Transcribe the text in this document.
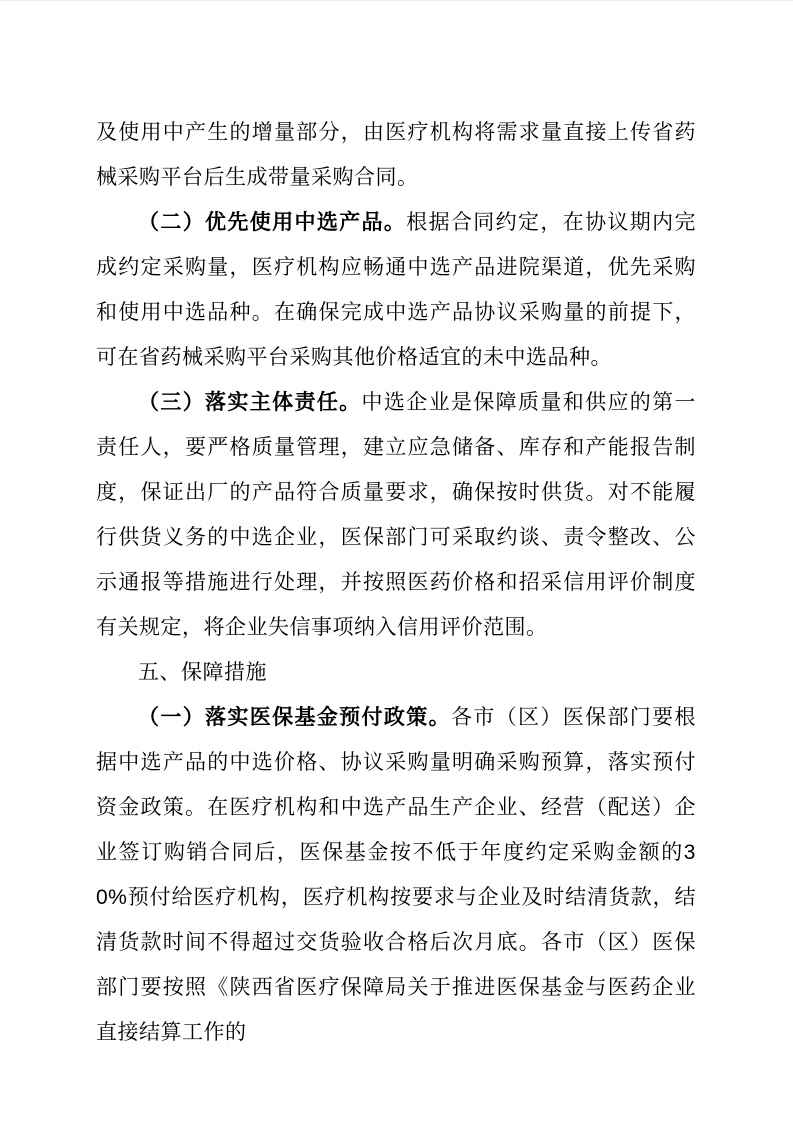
及使用中产生的增量部分，由医疗机构将需求量直接上传省药械采购平台后生成带量采购合同。

（二）优先使用中选产品。根据合同约定，在协议期内完成约定采购量，医疗机构应畅通中选产品进院渠道，优先采购和使用中选品种。在确保完成中选产品协议采购量的前提下，可在省药械采购平台采购其他价格适宜的未中选品种。

（三）落实主体责任。中选企业是保障质量和供应的第一责任人，要严格质量管理，建立应急储备、库存和产能报告制度，保证出厂的产品符合质量要求，确保按时供货。对不能履行供货义务的中选企业，医保部门可采取约谈、责令整改、公示通报等措施进行处理，并按照医药价格和招采信用评价制度有关规定，将企业失信事项纳入信用评价范围。

五、保障措施

（一）落实医保基金预付政策。各市（区）医保部门要根据中选产品的中选价格、协议采购量明确采购预算，落实预付资金政策。在医疗机构和中选产品生产企业、经营（配送）企业签订购销合同后，医保基金按不低于年度约定采购金额的30%预付给医疗机构，医疗机构按要求与企业及时结清货款，结清货款时间不得超过交货验收合格后次月底。各市（区）医保部门要按照《陕西省医疗保障局关于推进医保基金与医药企业直接结算工作的
